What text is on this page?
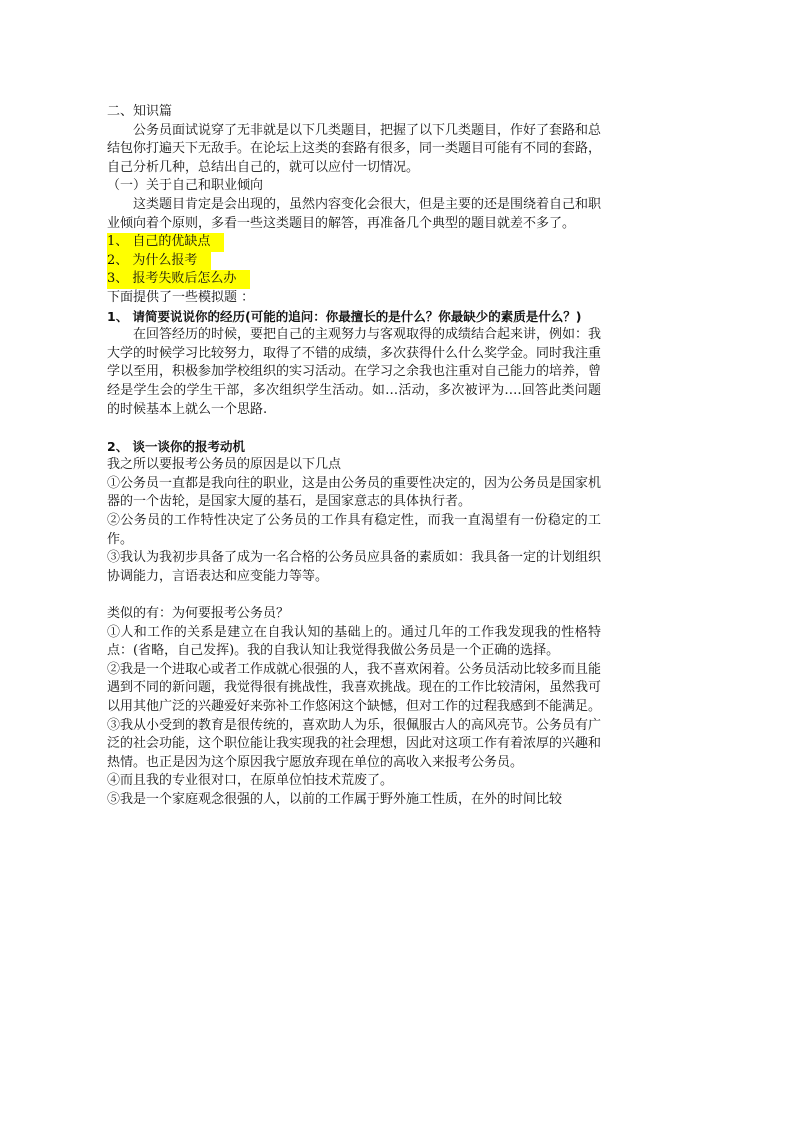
二、知识篇

公务员面试说穿了无非就是以下几类题目，把握了以下几类题目，作好了套路和总结包你打遍天下无敌手。在论坛上这类的套路有很多，同一类题目可能有不同的套路，自己分析几种，总结出自己的，就可以应付一切情况。

（一）关于自己和职业倾向

这类题目肯定是会出现的，虽然内容变化会很大，但是主要的还是围绕着自己和职业倾向着个原则，多看一些这类题目的解答，再准备几个典型的题目就差不多了。

1、 自己的优缺点

2、 为什么报考

3、 报考失败后怎么办

下面提供了一些模拟题 ：

1、 请简要说说你的经历(可能的追问：你最擅长的是什么？你最缺少的素质是什么？)

在回答经历的时候，要把自己的主观努力与客观取得的成绩结合起来讲，例如：我大学的时候学习比较努力，取得了不错的成绩，多次获得什么什么奖学金。同时我注重学以至用，积极参加学校组织的实习活动。在学习之余我也注重对自己能力的培养，曾经是学生会的学生干部，多次组织学生活动。如…活动，多次被评为….回答此类问题的时候基本上就么一个思路.

2、 谈一谈你的报考动机

我之所以要报考公务员的原因是以下几点

①公务员一直都是我向往的职业，这是由公务员的重要性决定的，因为公务员是国家机器的一个齿轮，是国家大厦的基石，是国家意志的具体执行者。

②公务员的工作特性决定了公务员的工作具有稳定性，而我一直渴望有一份稳定的工作。

③我认为我初步具备了成为一名合格的公务员应具备的素质如：我具备一定的计划组织协调能力，言语表达和应变能力等等。

类似的有：为何要报考公务员？

①人和工作的关系是建立在自我认知的基础上的。通过几年的工作我发现我的性格特点：(省略，自己发挥)。我的自我认知让我觉得我做公务员是一个正确的选择。

②我是一个进取心或者工作成就心很强的人，我不喜欢闲着。公务员活动比较多而且能遇到不同的新问题，我觉得很有挑战性，我喜欢挑战。现在的工作比较清闲，虽然我可以用其他广泛的兴趣爱好来弥补工作悠闲这个缺憾，但对工作的过程我感到不能满足。

③我从小受到的教育是很传统的，喜欢助人为乐，很佩服古人的高风亮节。公务员有广泛的社会功能，这个职位能让我实现我的社会理想，因此对这项工作有着浓厚的兴趣和热情。也正是因为这个原因我宁愿放弃现在单位的高收入来报考公务员。

④而且我的专业很对口，在原单位怕技术荒废了。

⑤我是一个家庭观念很强的人，以前的工作属于野外施工性质，在外的时间比较
